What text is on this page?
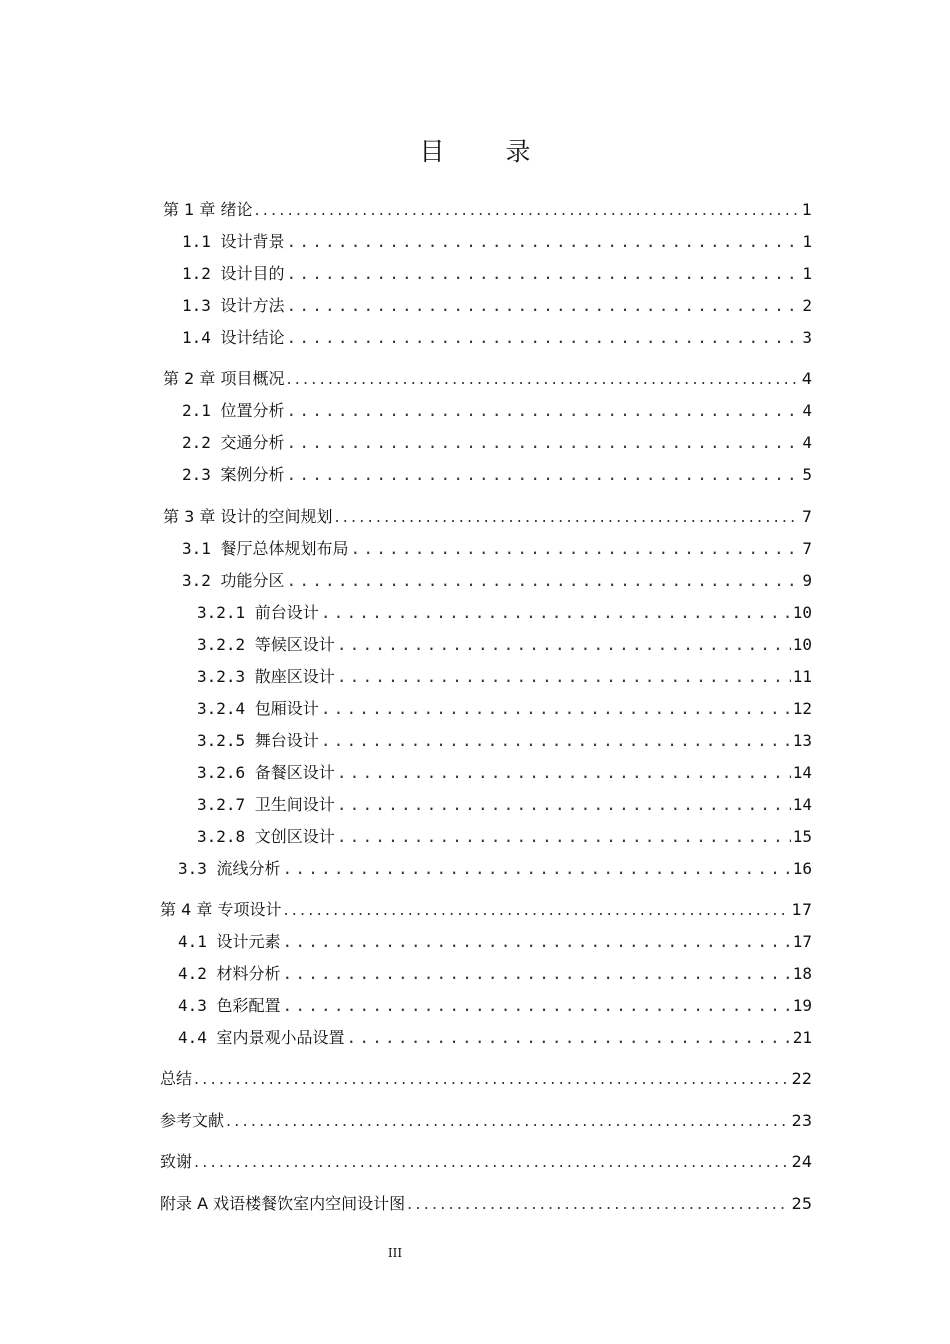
目　录
第 1 章 绪论 .....	1
1.1 设计背景 .....	1
1.2 设计目的 .....	1
1.3 设计方法 .....	2
1.4 设计结论 .....	3
第 2 章 项目概况 .....	4
2.1 位置分析 .....	4
2.2 交通分析 .....	4
2.3 案例分析 .....	5
第 3 章 设计的空间规划 .....	7
3.1 餐厅总体规划布局 .....	7
3.2 功能分区 .....	9
3.2.1 前台设计 .....	10
3.2.2 等候区设计 .....	10
3.2.3 散座区设计 .....	11
3.2.4 包厢设计 .....	12
3.2.5 舞台设计 .....	13
3.2.6 备餐区设计 .....	14
3.2.7 卫生间设计 .....	14
3.2.8 文创区设计 .....	15
3.3 流线分析 .....	16
第 4 章 专项设计 .....	17
4.1 设计元素 .....	17
4.2 材料分析 .....	18
4.3 色彩配置 .....	19
4.4 室内景观小品设置 .....	21
总结 .....	22
参考文献 .....	23
致谢 .....	24
附录 A 戏语楼餐饮室内空间设计图 .....	25
III
